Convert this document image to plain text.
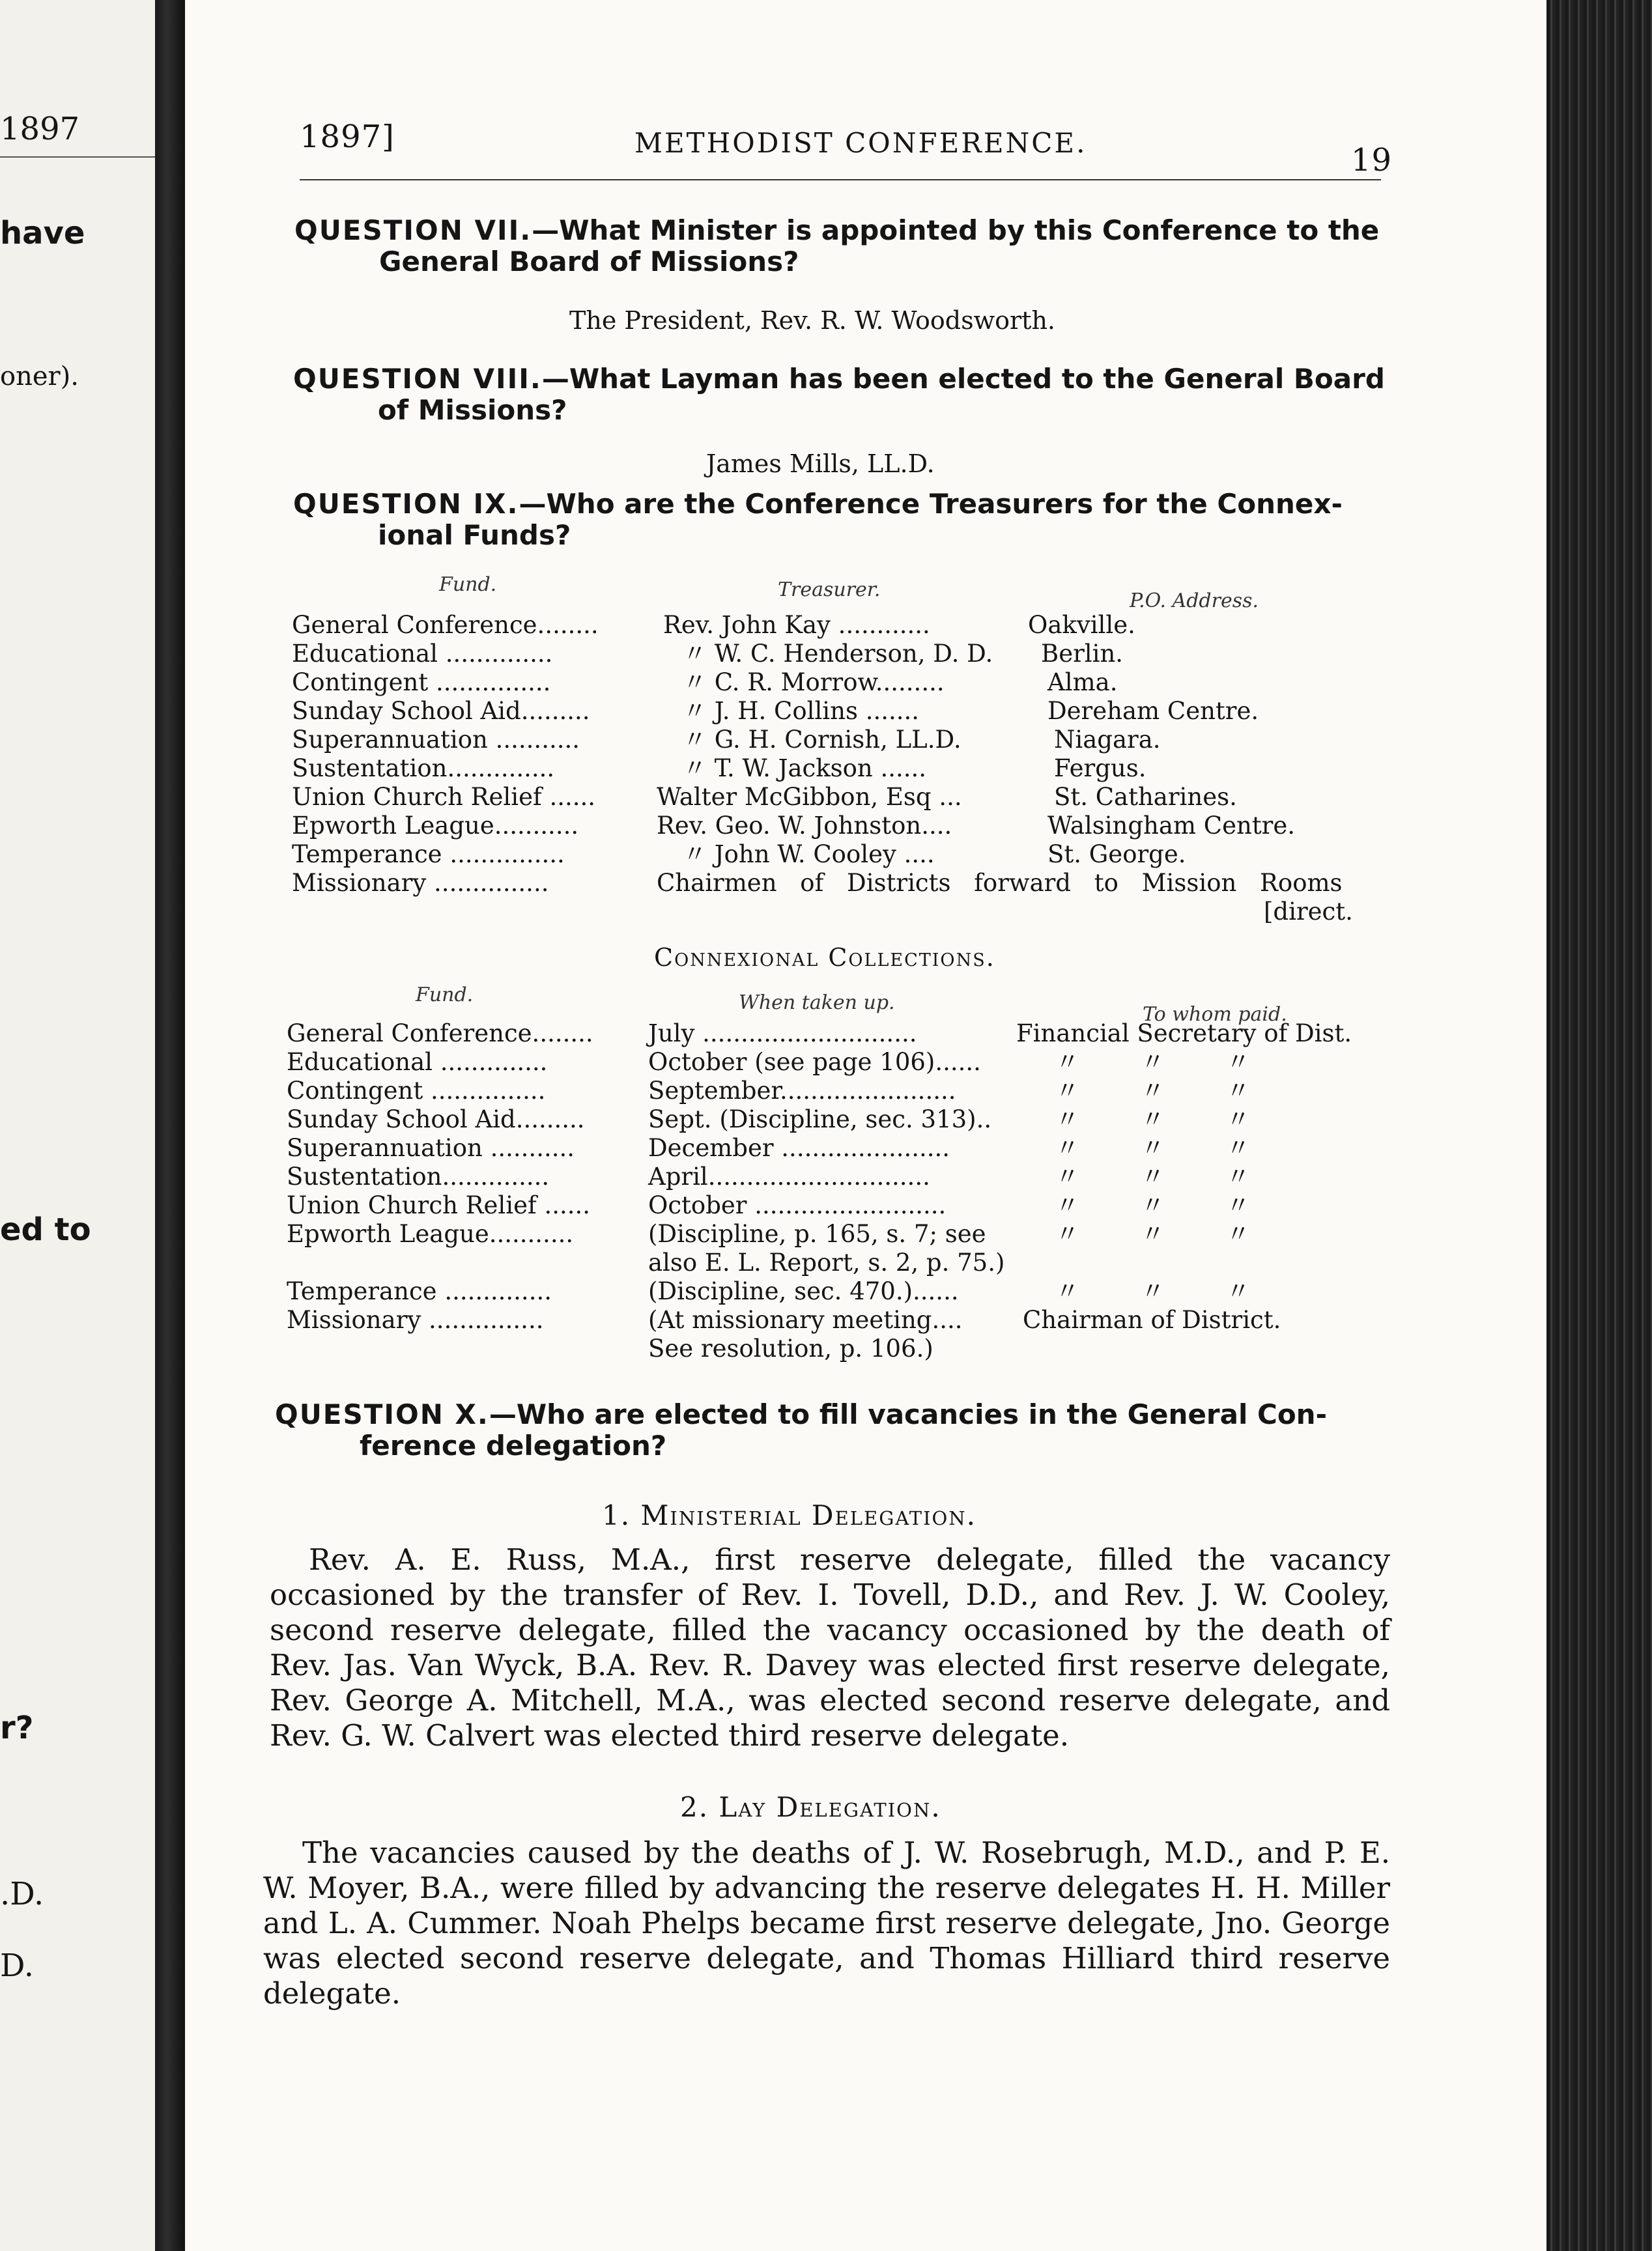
1897
have
oner).
ed to
r?
.D.
D.
1897]	METHODIST CONFERENCE.	19
QUESTION VII.—What Minister is appointed by this Conference to the
General Board of Missions?
The President, Rev. R. W. Woodsworth.
QUESTION VIII.—What Layman has been elected to the General Board
of Missions?
James Mills, LL.D.
QUESTION IX.—Who are the Conference Treasurers for the Connex-
ional Funds?
Fund.	Treasurer.	P.O. Address.
General Conference........	Rev. John Kay ............	Oakville.
Educational ..............	〃 W. C. Henderson, D. D. Berlin.
Contingent ...............	〃 C. R. Morrow.........	Alma.
Sunday School Aid.........	〃 J. H. Collins .......	Dereham Centre.
Superannuation ...........	〃 G. H. Cornish, LL.D.	Niagara.
Sustentation..............	〃 T. W. Jackson ......	Fergus.
Union Church Relief ......	Walter McGibbon, Esq ...	St. Catharines.
Epworth League...........	Rev. Geo. W. Johnston....	Walsingham Centre.
Temperance ...............	〃 John W. Cooley ....	St. George.
Missionary ...............	Chairmen of Districts forward to Mission Rooms
[direct.
Connexional Collections.
Fund.	When taken up.
To whom paid.
General Conference........ July ............................	Financial Secretary of Dist.
Educational ..............	October (see page 106)......	〃        〃        〃
Contingent ...............	September.......................	〃        〃        〃
Sunday School Aid.........	Sept. (Discipline, sec. 313)..	〃        〃        〃
Superannuation ...........	December ......................	〃        〃        〃
Sustentation..............	April.............................	〃        〃        〃
Union Church Relief ...... October .........................	〃        〃        〃
Epworth League...........	(Discipline, p. 165, s. 7; see	〃        〃        〃
also E. L. Report, s. 2, p. 75.)
Temperance ..............	(Discipline, sec. 470.)......	〃        〃        〃
Missionary ...............	(At missionary meeting.... Chairman of District.
See resolution, p. 106.)
QUESTION X.—Who are elected to fill vacancies in the General Con-
ference delegation?
1. Ministerial Delegation.
Rev. A. E. Russ, M.A., first reserve delegate, filled the vacancy occasioned by the transfer of Rev. I. Tovell, D.D., and Rev. J. W. Cooley, second reserve delegate, filled the vacancy occasioned by the death of Rev. Jas. Van Wyck, B.A. Rev. R. Davey was elected first reserve delegate, Rev. George A. Mitchell, M.A., was elected second reserve delegate, and Rev. G. W. Calvert was elected third reserve delegate.
2. Lay Delegation.
The vacancies caused by the deaths of J. W. Rosebrugh, M.D., and P. E. W. Moyer, B.A., were filled by advancing the reserve delegates H. H. Miller and L. A. Cummer. Noah Phelps became first reserve delegate, Jno. George was elected second reserve delegate, and Thomas Hilliard third reserve delegate.
